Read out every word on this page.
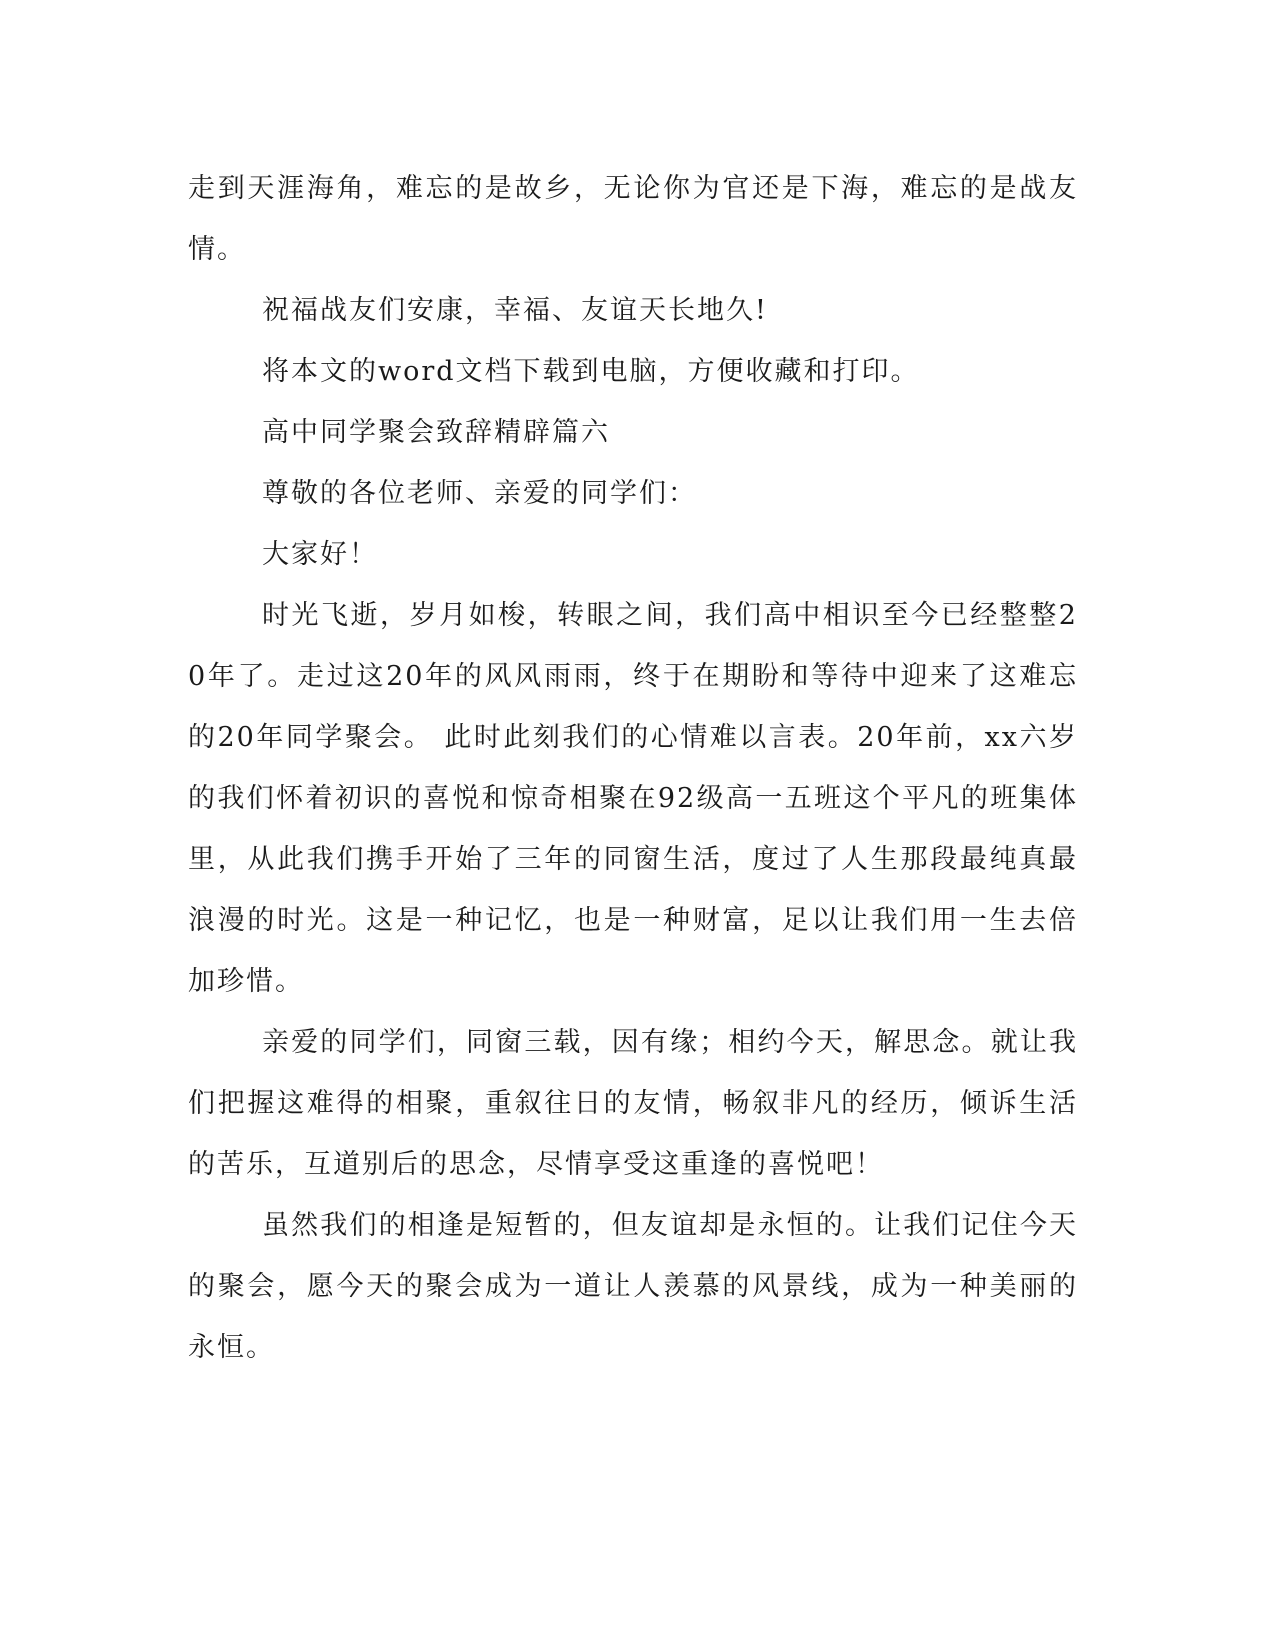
走到天涯海角，难忘的是故乡，无论你为官还是下海，难忘的是战友情。

祝福战友们安康，幸福、友谊天长地久!

将本文的word文档下载到电脑，方便收藏和打印。

高中同学聚会致辞精辟篇六

尊敬的各位老师、亲爱的同学们：

大家好！

时光飞逝，岁月如梭，转眼之间，我们高中相识至今已经整整20年了。走过这20年的风风雨雨，终于在期盼和等待中迎来了这难忘的20年同学聚会。 此时此刻我们的心情难以言表。20年前，xx六岁的我们怀着初识的喜悦和惊奇相聚在92级高一五班这个平凡的班集体里，从此我们携手开始了三年的同窗生活，度过了人生那段最纯真最浪漫的时光。这是一种记忆，也是一种财富，足以让我们用一生去倍加珍惜。

亲爱的同学们，同窗三载，因有缘；相约今天，解思念。就让我们把握这难得的相聚，重叙往日的友情，畅叙非凡的经历，倾诉生活的苦乐，互道别后的思念，尽情享受这重逢的喜悦吧！

虽然我们的相逢是短暂的，但友谊却是永恒的。让我们记住今天的聚会，愿今天的聚会成为一道让人羡慕的风景线，成为一种美丽的永恒。
